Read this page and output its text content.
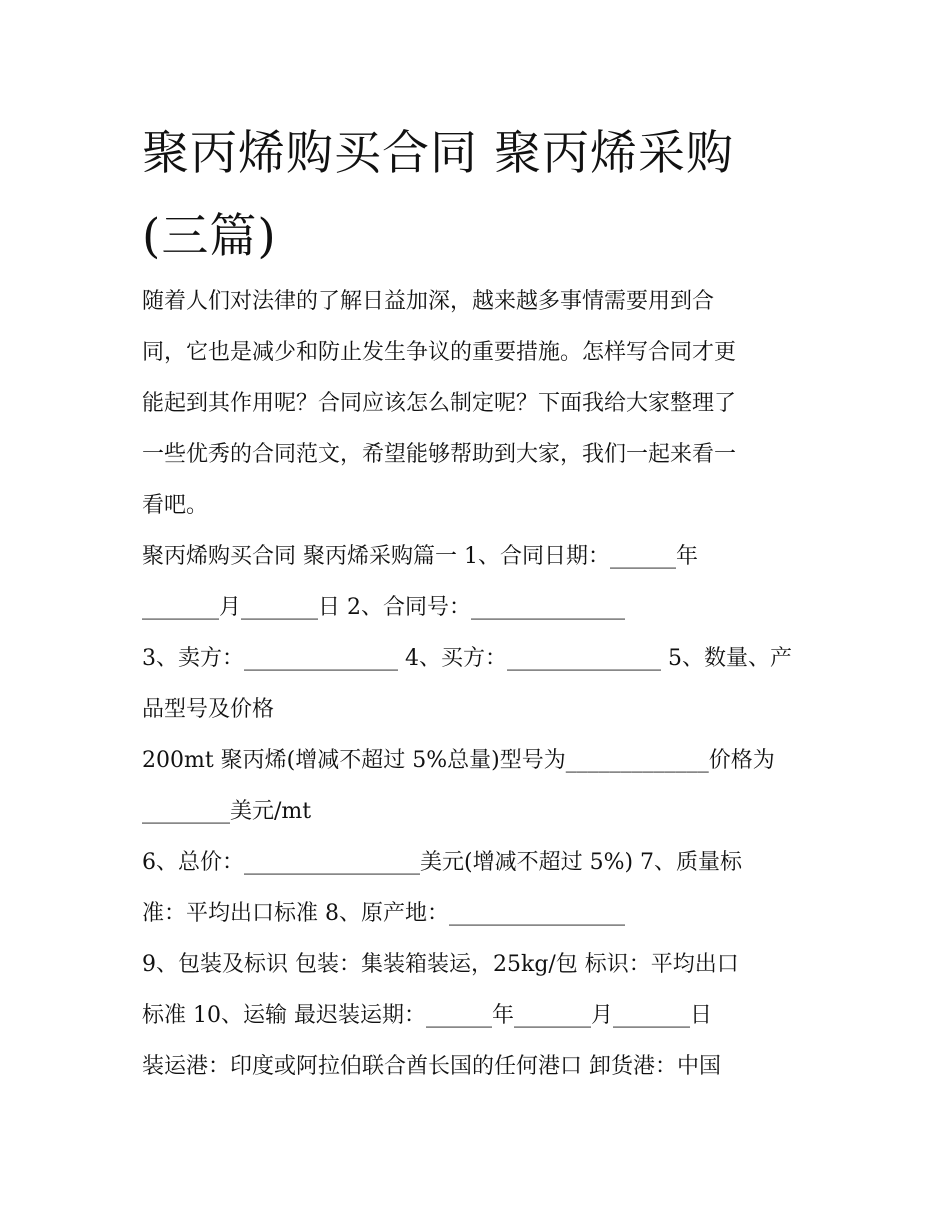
聚丙烯购买合同 聚丙烯采购
(三篇)
随着人们对法律的了解日益加深，越来越多事情需要用到合
同，它也是减少和防止发生争议的重要措施。怎样写合同才更
能起到其作用呢？合同应该怎么制定呢？下面我给大家整理了
一些优秀的合同范文，希望能够帮助到大家，我们一起来看一
看吧。
聚丙烯购买合同 聚丙烯采购篇一 1、合同日期：______年
_______月_______日 2、合同号：______________
3、卖方：______________ 4、买方：______________ 5、数量、产
品型号及价格
200mt 聚丙烯(增减不超过 5%总量)型号为_____________价格为
________美元/mt
6、总价：________________美元(增减不超过 5%) 7、质量标
准：平均出口标准 8、原产地：________________
9、包装及标识 包装：集装箱装运，25kg/包 标识：平均出口
标准 10、运输 最迟装运期：______年_______月_______日
装运港：印度或阿拉伯联合酋长国的任何港口 卸货港：中国
